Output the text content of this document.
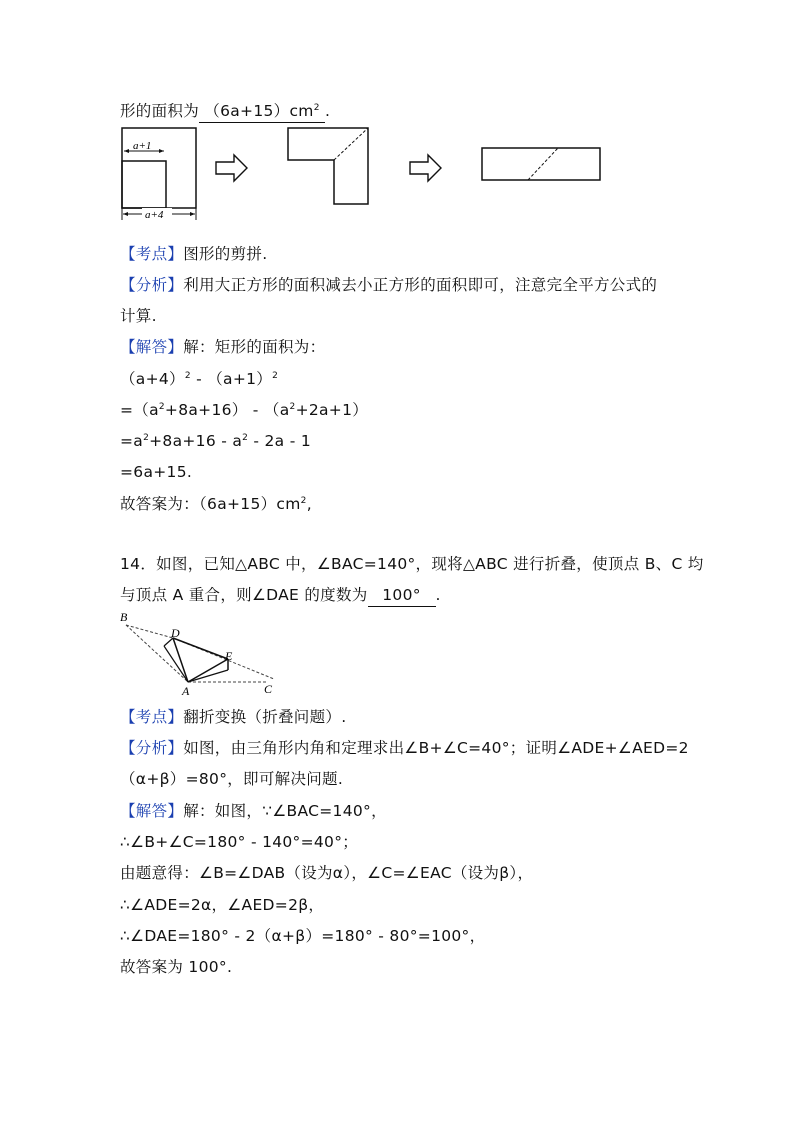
形的面积为 $(6a+15)cm^2$ .
a+1
a+4
【考点】图形的剪拼.
【分析】利用大正方形的面积减去小正方形的面积即可，注意完全平方公式的
计算.
【解答】解：矩形的面积为：
$(a+4)^2 - (a+1)^2$
$=(a^2+8a+16) - (a^2+2a+1)$
$=a^2+8a+16 - a^2 - 2a - 1$
=6a+15.
故答案为：$(6a+15)cm^2$,
14．如图，已知△ABC 中，∠BAC=140°，现将△ABC 进行折叠，使顶点 B、C 均
与顶点 A 重合，则∠DAE 的度数为 100° .
B
D
E
A	C
【考点】翻折变换（折叠问题）.
【分析】如图，由三角形内角和定理求出∠B+∠C=40°；证明∠ADE+∠AED=2
（α+β）=80°，即可解决问题.
【解答】解：如图，∵∠BAC=140°，
∴∠B+∠C=180° - 140°=40°；
由题意得：∠B=∠DAB（设为α），∠C=∠EAC（设为β），
∴∠ADE=2α，∠AED=2β，
∴∠DAE=180° - 2（α+β）=180° - 80°=100°，
故答案为 100°.
